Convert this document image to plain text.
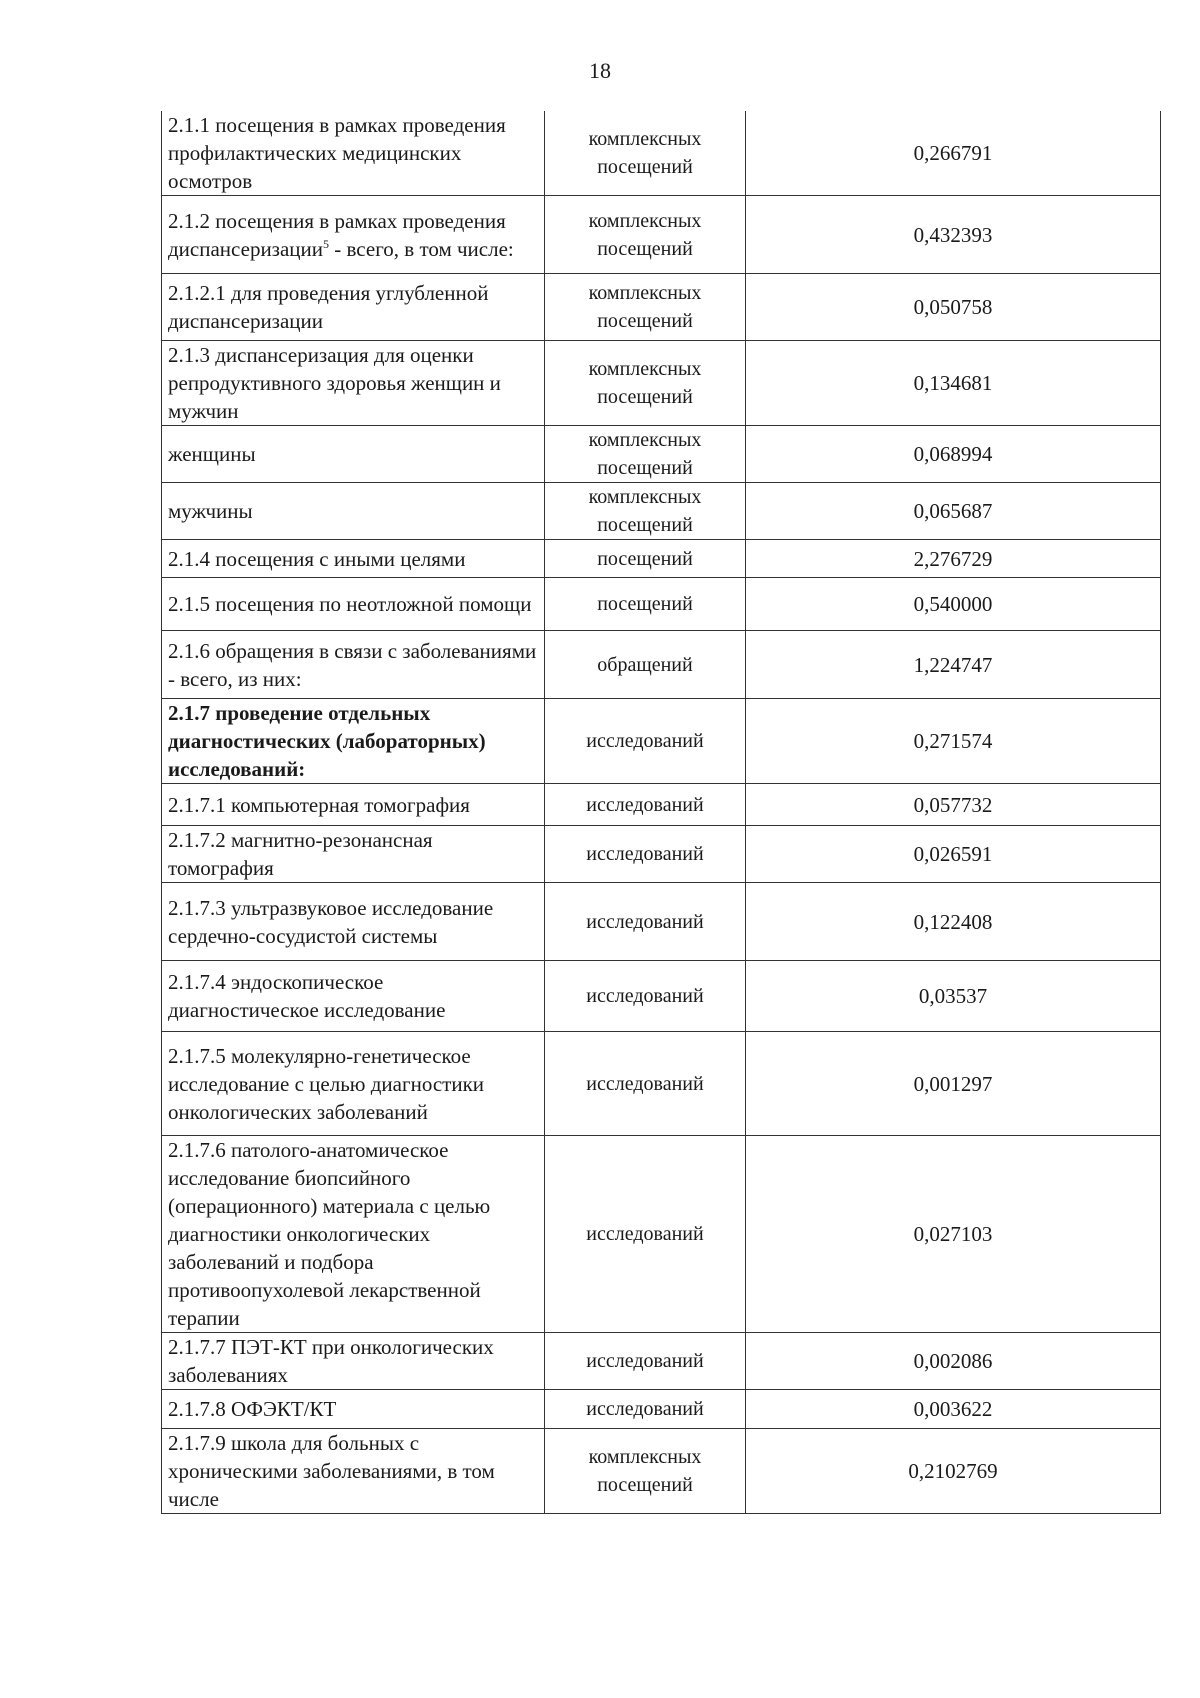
18
2.1.1 посещения в рамках проведения профилактических медицинских осмотров	комплексных посещений	0,266791
2.1.2 посещения в рамках проведения диспансеризации$^5$ - всего, в том числе:	комплексных посещений	0,432393
2.1.2.1 для проведения углубленной диспансеризации	комплексных посещений	0,050758
2.1.3 диспансеризация для оценки репродуктивного здоровья женщин и мужчин	комплексных посещений	0,134681
женщины	комплексных посещений	0,068994
мужчины	комплексных посещений	0,065687
2.1.4 посещения с иными целями	посещений	2,276729
2.1.5 посещения по неотложной помощи	посещений	0,540000
2.1.6 обращения в связи с заболеваниями - всего, из них:	обращений	1,224747
2.1.7 проведение отдельных диагностических (лабораторных) исследований:	исследований	0,271574
2.1.7.1 компьютерная томография	исследований	0,057732
2.1.7.2 магнитно-резонансная томография	исследований	0,026591
2.1.7.3 ультразвуковое исследование сердечно-сосудистой системы	исследований	0,122408
2.1.7.4 эндоскопическое диагностическое исследование	исследований	0,03537
2.1.7.5 молекулярно-генетическое исследование с целью диагностики онкологических заболеваний	исследований	0,001297
2.1.7.6 патолого-анатомическое исследование биопсийного (операционного) материала с целью диагностики онкологических заболеваний и подбора противоопухолевой лекарственной терапии	исследований	0,027103
2.1.7.7 ПЭТ-КТ при онкологических заболеваниях	исследований	0,002086
2.1.7.8 ОФЭКТ/КТ	исследований	0,003622
2.1.7.9 школа для больных с хроническими заболеваниями, в том числе	комплексных посещений	0,2102769
